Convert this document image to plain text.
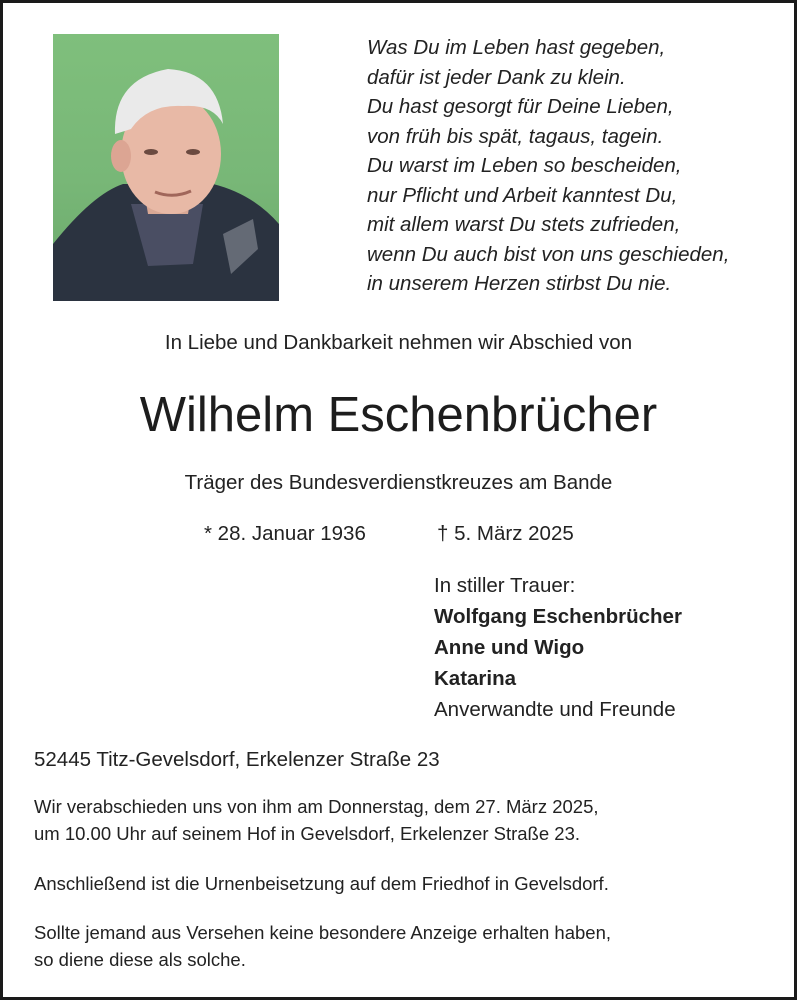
Was Du im Leben hast gegeben,
dafür ist jeder Dank zu klein.
Du hast gesorgt für Deine Lieben,
von früh bis spät, tagaus, tagein.
Du warst im Leben so bescheiden,
nur Pflicht und Arbeit kanntest Du,
mit allem warst Du stets zufrieden,
wenn Du auch bist von uns geschieden,
in unserem Herzen stirbst Du nie.
In Liebe und Dankbarkeit nehmen wir Abschied von
Wilhelm Eschenbrücher
Träger des Bundesverdienstkreuzes am Bande
* 28. Januar 1936	† 5. März 2025
In stiller Trauer:
Wolfgang Eschenbrücher
Anne und Wigo
Katarina
Anverwandte und Freunde
52445 Titz-Gevelsdorf, Erkelenzer Straße 23
Wir verabschieden uns von ihm am Donnerstag, dem 27. März 2025,
um 10.00 Uhr auf seinem Hof in Gevelsdorf, Erkelenzer Straße 23.
Anschließend ist die Urnenbeisetzung auf dem Friedhof in Gevelsdorf.
Sollte jemand aus Versehen keine besondere Anzeige erhalten haben,
so diene diese als solche.
